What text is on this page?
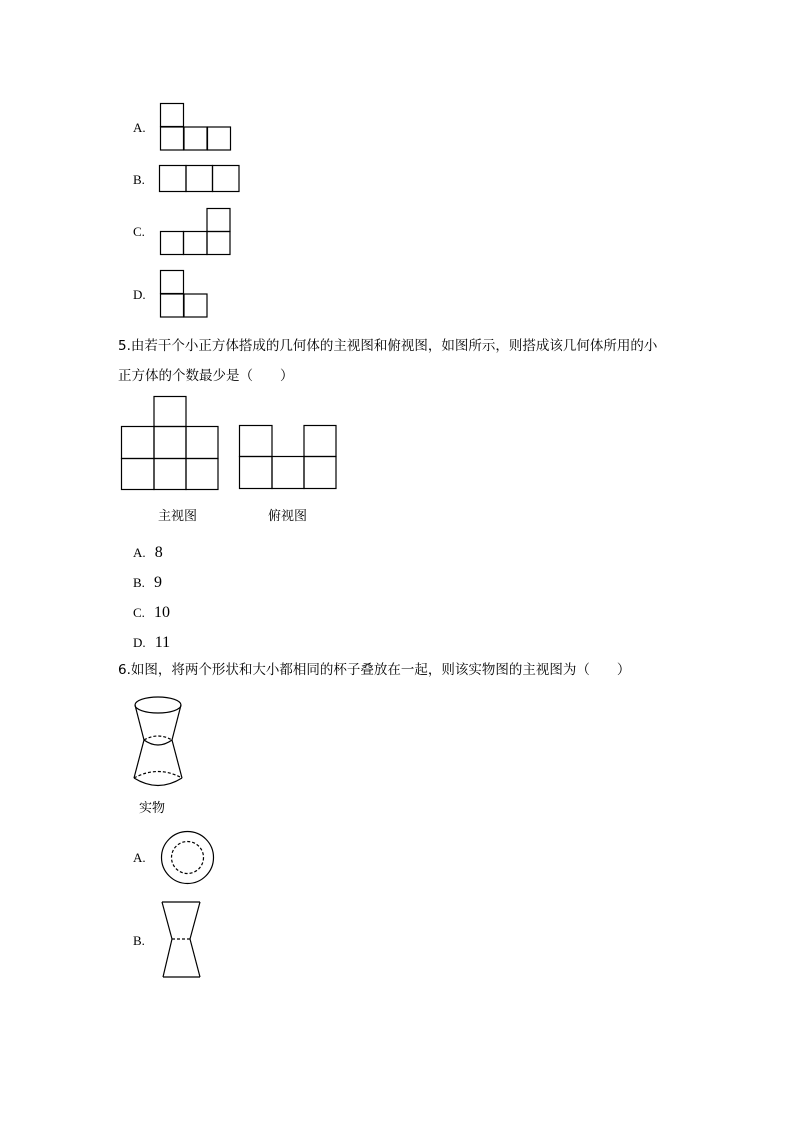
A.
B.
C.
D.
5.由若干个小正方体搭成的几何体的主视图和俯视图，如图所示，则搭成该几何体所用的小
正方体的个数最少是（　　）
主视图	俯视图
A. 8
B. 9
C. 10
D. 11
6.如图，将两个形状和大小都相同的杯子叠放在一起，则该实物图的主视图为（　　）
实物
A.
B.
